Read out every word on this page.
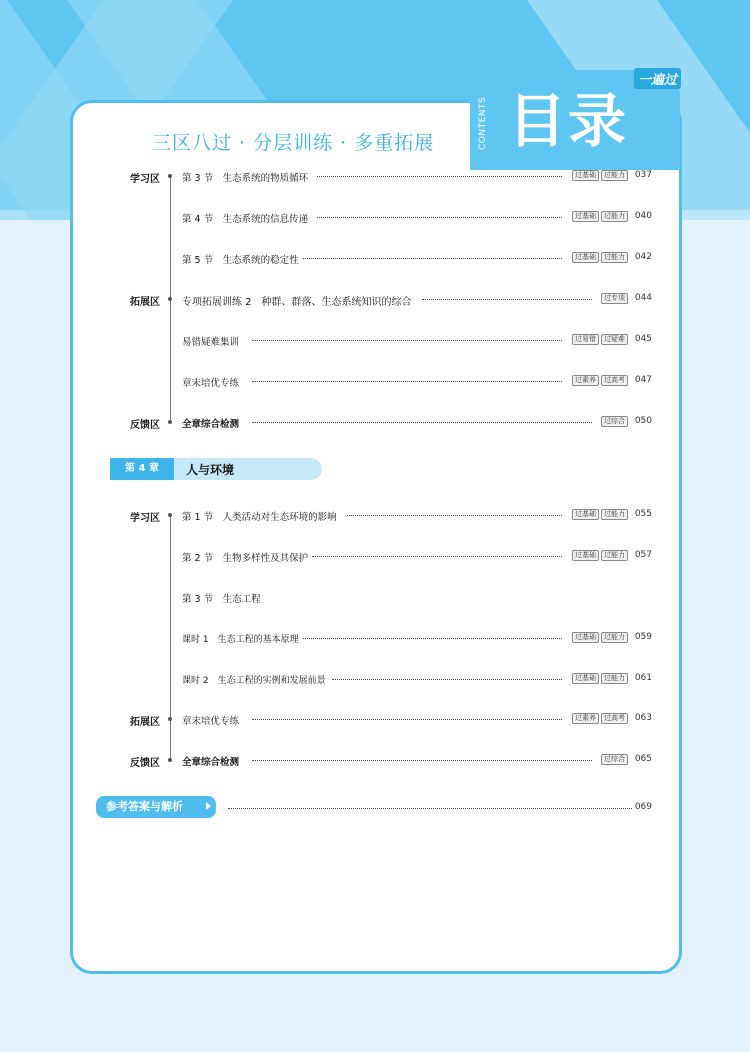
CONTENTS 目录
一遍过
三区八过 · 分层训练 · 多重拓展
学习区
拓展区
反馈区
第 3 节　生态系统的物质循环	过基础	过能力	037
第 4 节　生态系统的信息传递	过基础	过能力	040
第 5 节　生态系统的稳定性	过基础	过能力	042
专项拓展训练 2　种群、群落、生态系统知识的综合	过专项	044
易错疑难集训	过易错	过疑难	045
章末培优专练	过素养	过高考	047
全章综合检测	过综合	050
第 4 章	人与环境
学习区
拓展区
反馈区
第 1 节　人类活动对生态环境的影响	过基础	过能力	055
第 2 节　生物多样性及其保护	过基础	过能力	057
第 3 节　生态工程
课时 1　生态工程的基本原理	过基础	过能力	059
课时 2　生态工程的实例和发展前景	过基础	过能力	061
章末培优专练	过素养	过高考	063
全章综合检测	过综合	065
参考答案与解析	069
